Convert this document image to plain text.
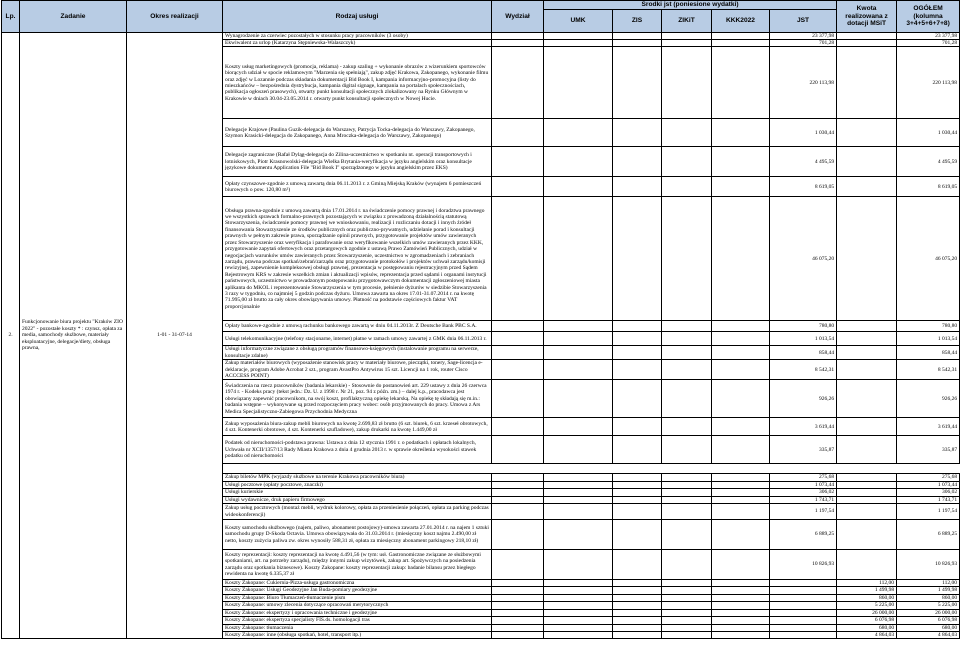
Lp.	Zadanie	Okres realizacji	Rodzaj usługi	Wydział	Środki jst (poniesione wydatki)					Kwota realizowana z dotacji MSiT	OGÓŁEM (kolumna 3+4+5+6+7+8)
					UMK	ZIS	ZIKiT	KKK2022	JST		
2.	Funkcjonowanie biura projektu "Kraków ZIO 2022" - pozostałe koszty * : czynsz, opłata za media, samochody służbowe, materiały eksploatacyjne, delegacje/diety, obsługa prawna,	1-01 - 31-07-14	Wynagrodzenie za czerwiec pozostałych w stosunku pracy pracowników (3 osoby)						23 377,98		23 377,98
			Ekwiwalent za urlop (Katarzyna Stępniewska-Walaszczyk)						701,28		701,28
			Koszty usług marketingowych (promocja, reklama) - zakup szaliug + wykonanie obrazów z wizerunkiem sportowców biorących udział w spocie reklamowym "Marzenia się spełniają", zakup zdjęć Krakowa, Zakopanego, wykonanie filmu oraz zdjęć w Lozannie podczas składania dokumentacji Bid Book I, kampania informacyjno-promocyjna (listy do mieszkańców – bezpośrednia dystrybucja, kampania digital signage, kampania na portalach społecznościach, publikacja ogłoszeń prasowych), otwarty punkt konsultacji społecznych zlokalizowany na Rynku Głównym w Krakowie w dniach 30.04-23.05.2014 r. otwarty punkt konsultacji społecznych w Nowej Hucie.						220 113,98		220 113,98
			Delegacje Krajowe (Paulina Guzik-delegacja do Warszawy, Patrycja Tocka-delegacja do Warszawy, Zakopanego, Szymon Krasicki-delegacja do Zakopanego, Anna Mroczka-delegacja do Warszawy, Zakopanego)						1 030,44		1 030,44
			Delegacje zagraniczne (Rafał Dyląg-delegacja do Zilina-uczestnictwo w spotkaniu nt. operacji transportowych i lotniskowych, Piotr Krasnowolski-delegacja Wielka Brytania-weryfikacja w języku angielskim oraz konsultacje językowe dokumentu Application File "Bid Book I" sporządzonego w języku angielskim przez EKS)						4 495,59		4 495,59
			Opłaty czynszowe-zgodnie z umową zawartą dnia 06.11.2013 r. z Gminą Miejską Kraków (wynajem 6 pomieszczeń biurowych o pow. 120,80 m²)						8 619,05		8 619,05
			Obsługa prawna-zgodnie z umową zawartą dnia 17.01.2014 r. na świadczenie pomocy prawnej i doradztwa prawnego we wszystkich sprawach formalno-prawnych pozostających w związku z prowadzoną działalnością statutową Stowarzyszenia, świadczenie pomocy prawnej we wnioskowaniu, realizacji i rozliczaniu dotacji i innych źródeł finansowania Stowarzyszenie ze środków publicznych oraz publiczno-prywatnych, udzielanie porad i konsultacji prawnych w pełnym zakresie prawa, sporządzanie opinii prawnych, przygotowanie projektów umów zawieranych przez Stowarzyszenie oraz weryfikacja i parafowanie oraz weryfikowanie wszelkich umów zawieranych przez KKK, przygotowanie zapytań ofertowych oraz przetargowych zgodnie z ustawą Prawo Zamówień Publicznych, udział w negocjacjach warunków umów zawieranych przez Stowarzyszenie, uczestnictwo w zgromadzeniach i zebraniach zarządu, prawna podczas spotkań/zebrań/zarządu oraz przygotowanie protokołów i projektów uchwał zarządu/komisji rewizyjnej, zapewnienie kompleksowej obsługi prawnej, prezentacja w postępowaniu rejestracyjnym przed Sądem Rejestrowym KRS w zakresie wszelkich zmian i aktualizacji wpisów, reprezentacja przed sądami i organami instytucji państwowych, uczestnictwo w prowadzonym postępowaniu przygotowawczym dokumentacji zgłoszeniowej miasta aplikanta do MKOL i reprezentowanie Stowarzyszenia w tym procesie, pełnienie dyżurów w siedzibie Stowarzyszenia 3 razy w tygodniu, co najmniej 5 godzin podczas dyżuru. Umowa zawarta na okres 17.01-31.07.2014 r. na kwotę 71.995,00 zł brutto za cały okres obowiązywania umowy. Płatność na podstawie częściowych faktur VAT proporcjonalnie						46 075,20		46 075,20
			Opłaty bankowe-zgodnie z umową rachunku bankowego zawartą w dniu 04.11.2013r. Z Deutsche Bank PBC S.A.						780,80		780,80
			Usługi telekomunikacyjne (telefony stacjonarne, internet) płatne w ramach umowy zawartej z GMK dnia 06.11.2013 r.						1 013,54		1 013,54
			Usługi informatyczne związane z obsługą programów finansowo-księgowych (instalowanie programu na serwerze, konsultacje zdalne)						858,44		858,44
			Zakup materiałów biurowych (wyposażenie stanowisk pracy w materiały biurowe, pieczątki, tonery, Sage-licencja e-deklaracje, program Adobe Acrobat 2 szt., program AvastPro Antywirus 15 szt. Licencji na 1 rok, router Cisco ACCCESS POINT)						8 542,31		8 542,31
			Świadczenia na rzecz pracowników (badania lekarskie) - Stosownie do postanowień art. 229 ustawy z dnia 26 czerwca 1974 r. - Kodeks pracy (tekst jedn.: Dz. U. z 1998 r. Nr 21, poz. 94 z późn. zm.) – dalej k.p., pracodawca jest obowiązany zapewnić pracownikom, na swój koszt, profilaktyczną opiekę lekarską. Na opiekę tę składają się m.in.: badania wstępne – wykonywane są przed rozpoczęciem pracy wobec: osób przyjmowanych do pracy. Umowa z Ars Medica Specjalistyczno-Zabiegowa Przychodnia Medyczna						926,26		926,26
			Zakup wyposażenia biura-zakup mebli biurowych na kwotę 2.699,83 zł brutto (6 szt. biurek, 6 szt. krzeseł obrotowych, 4 szt. Kontenerki obrotowe, 4 szt. Kontenerki szufladowe), zakup drukarki na kwotę 1.449,00 zł						3 619,44		3 619,44
			Podatek od nieruchomości-podstawa prawna: Ustawa z dnia 12 stycznia 1991 r. o podatkach i opłatach lokalnych, Uchwała nr XCII/1357/13 Rady Miasta Krakowa z dnia 4 grudnia 2013 r. w sprawie określenia wysokości stawek podatku od nieruchomości						335,87		335,87

			Zakup biletów MPK (wyjazdy służbowe na terenie Krakowa pracowników biura)						275,68		275,68
			Usługi pocztowe (opłaty pocztowe, znaczki)						1 073,44		1 073,44
			Usługi kurierskie						306,02		306,02
			Usługi wydawnicze, druk papieru firmowego						1 743,71		1 743,71
			Zakup usług pocztowych (montaż mebli, wydruk kolorowy, opłata za przeniesienie połączeń, opłata za parking podczas wideokonferencji)						1 197,54		1 197,54
			Koszty samochodu służbowego (najem, paliwo, abonament postojowy)-umowa zawarta 27.01.2014 r. na najem 1 sztuki samochodu grupy D-Skoda Octavia. Umowa obowiązywała do 31.03.2014 r. (miesięczny koszt najmu 2.490,00 zł netto, koszty zużycia paliwa zw. okres wynosiły 588,31 zł, opłata za miesięczny abonament parkingowy 218,10 zł)						6 889,25		6 889,25
			Koszty reprezentacji: koszty reprezentacji na kwotę 4.491,56 (w tym: usł. Gastronomiczne związane ze służbowymi spotkaniami, art. na potrzeby zarządu), między innymi zakup wizytówek, zakup art. Spożywczych na posiedzenia zarządu oraz spotkania biznesowe). Koszty Zakopane: koszty reprezentacji zakup: badanie bilansu przez biegłego rewidenta na kwotę 6.335,37 zł						10 826,93		10 826,93
			Koszty Zakopane: Cukiernia-Pizza-usługa gastronomiczna							112,00	112,00
			Koszty Zakopane: Usługi Geodezyjne Jan Buda-pomiary geodezyjne							1 499,98	1 499,98
			Koszty Zakopane: Biuro Tłumaczeń-tłumaczenie pism							860,00	860,00
			Koszty Zakopane: umowy zlecenia dotyczące opracowań merytorycznych							5 225,00	5 225,00
			Koszty Zakopane: ekspertyzy i opracowania techniczne i geodezyjne							26 000,00	26 000,00
			Koszty Zakopane: ekspertyza specjalisty FIS.ds. homologacji tras							6 076,98	6 076,98
			Koszty Zakopane: tłumaczenia							680,00	680,00
			Koszty Zakopane: inne (obsługa spotkań, hotel, transport itp.)							4 864,03	4 864,03
